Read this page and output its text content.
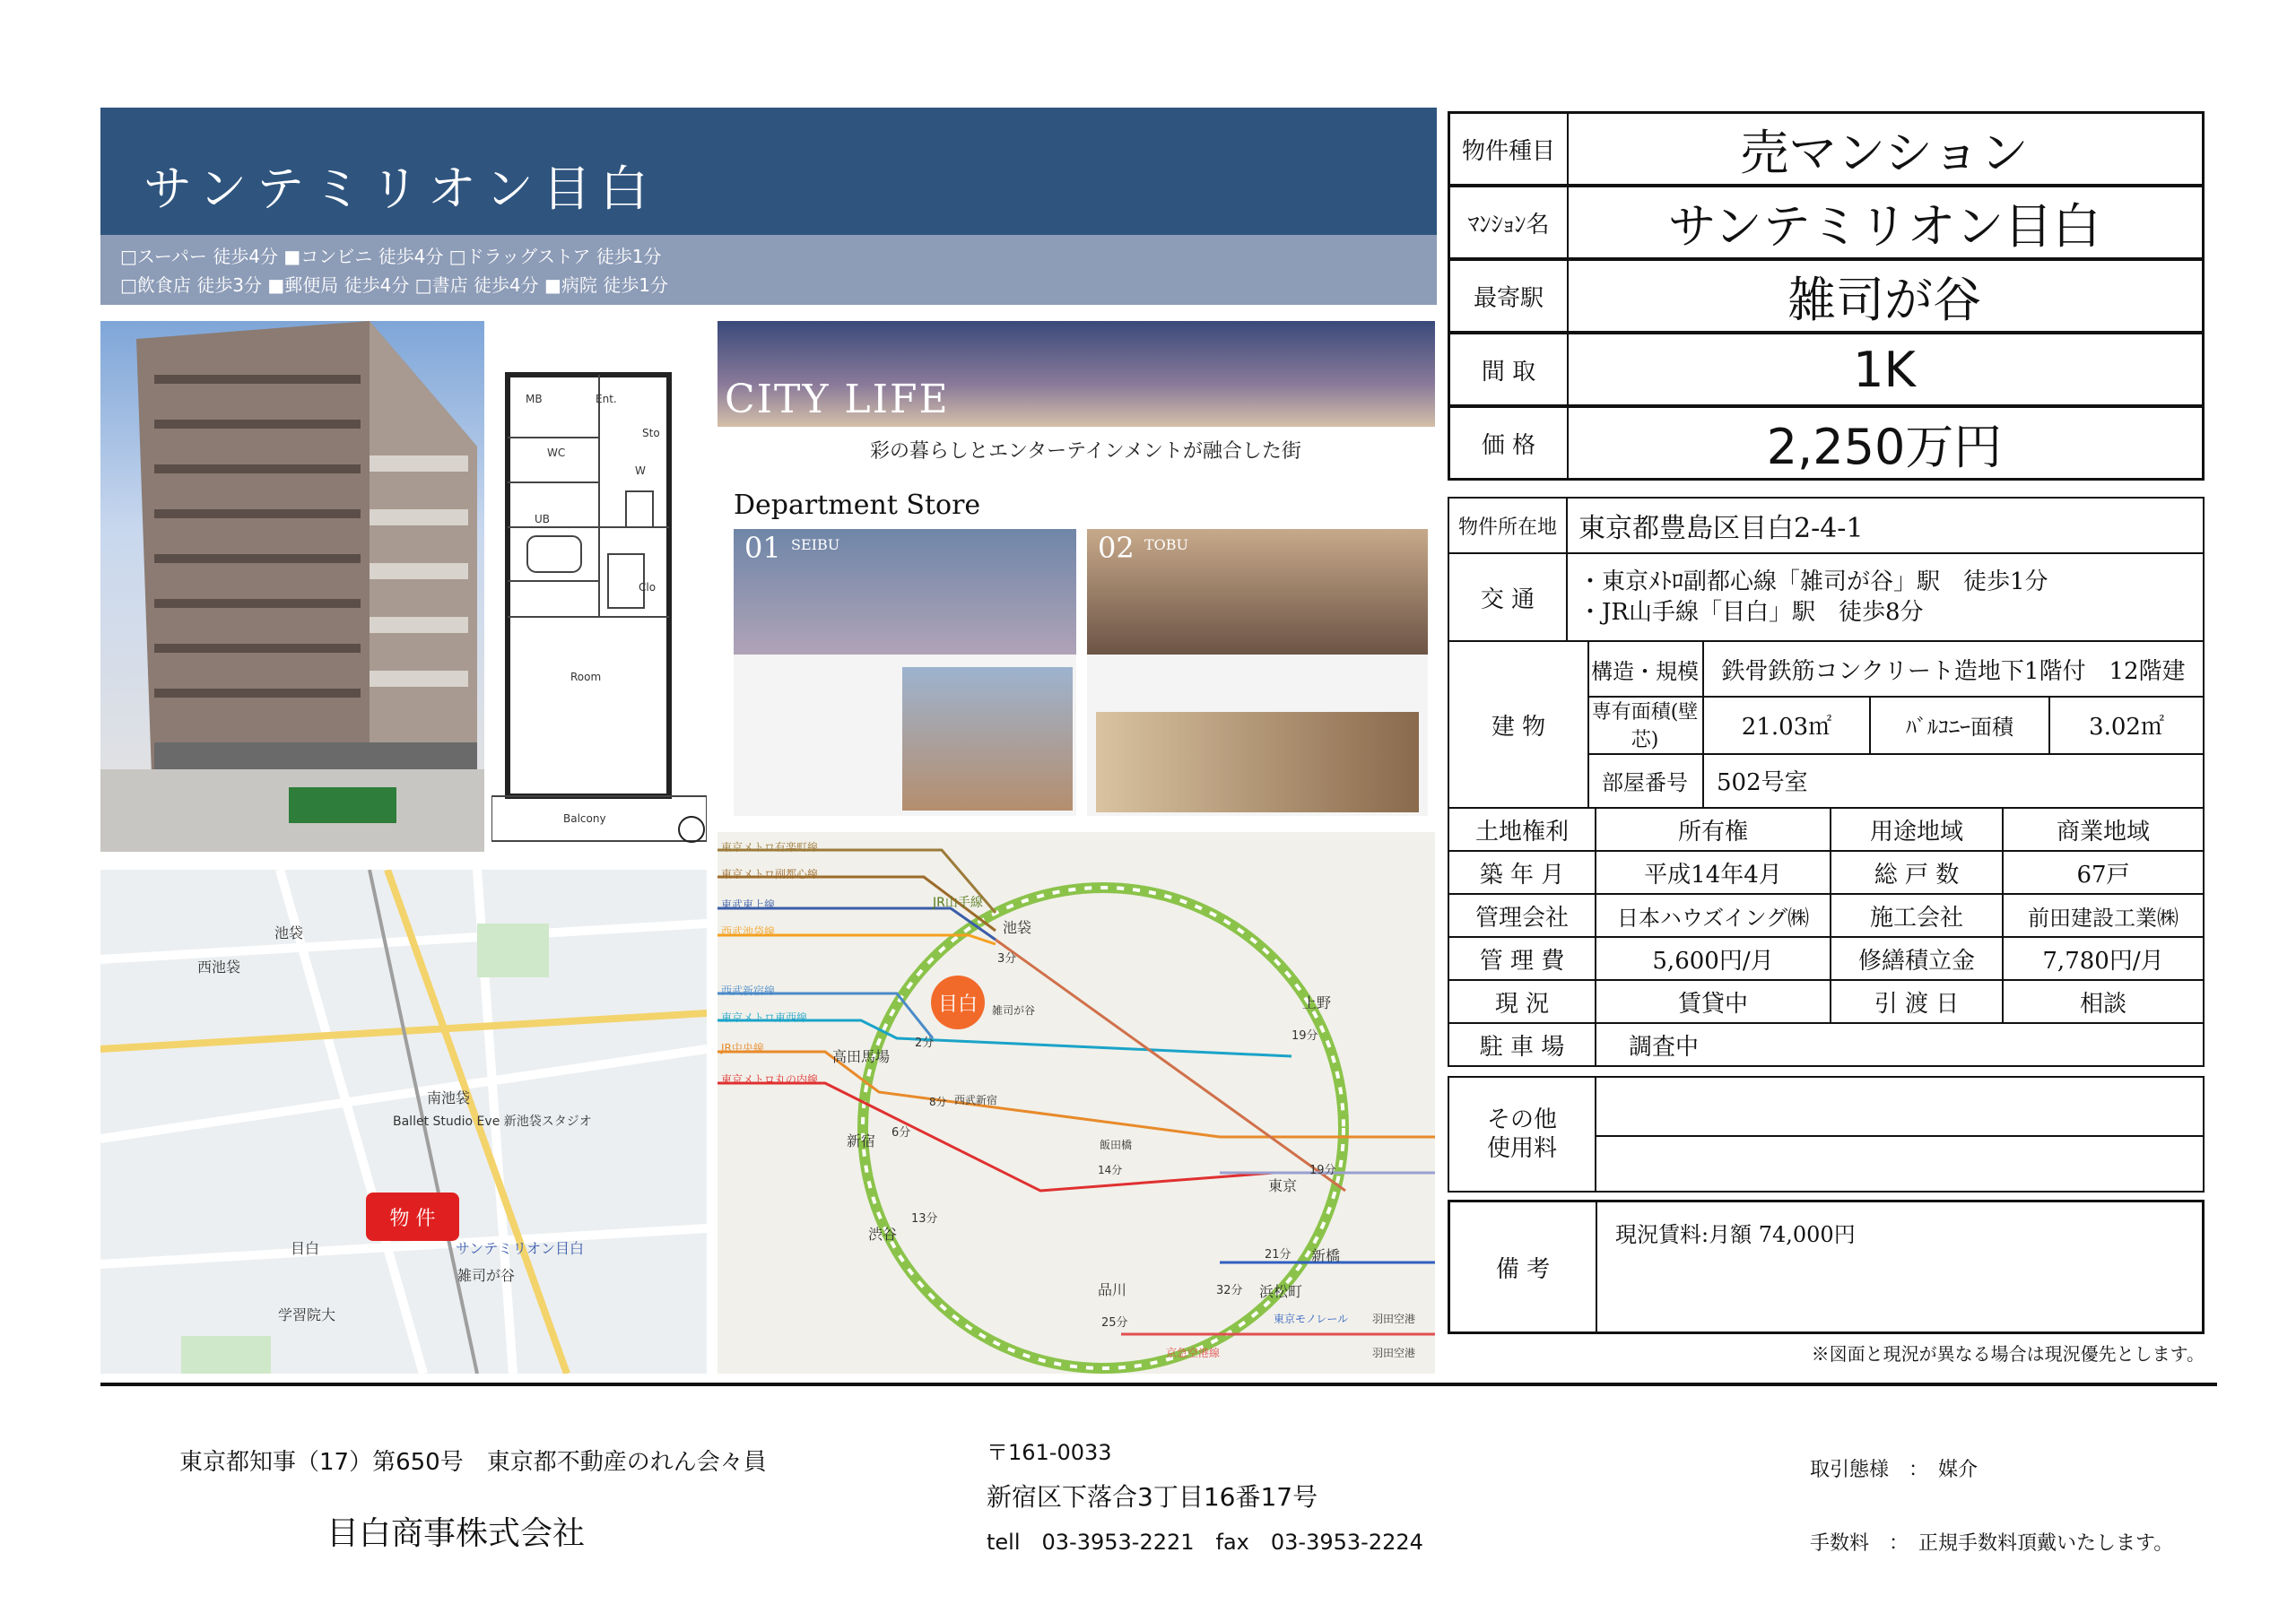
サンテミリオン目白
□スーパー 徒歩4分 ■コンビニ 徒歩4分 □ドラッグストア 徒歩1分
□飲食店 徒歩3分 ■郵便局 徒歩4分 □書店 徒歩4分 ■病院 徒歩1分
MB	Ent.
Sto
WC
W
UB
Clo
Room
Balcony
CITY LIFE
彩の暮らしとエンターテインメントが融合した街
Department Store
01 SEIBU	02 TOBU
池袋
西池袋
南池袋
目白
雑司が谷
学習院大
サンテミリオン目白
Ballet Studio Eve 新池袋スタジオ
物 件
目白
JR山手線
雑司が谷
東京メトロ有楽町線
東京メトロ副都心線
東武東上線
西武池袋線
西武新宿線
東京メトロ東西線
JR中央線
東京メトロ丸の内線
池袋
3分
上野
19分
高田馬場
2分
新宿 6分
西武新宿
8分
飯田橋
14分
東京
19分
渋谷
13分
新橋
21分
浜松町
32分
品川
25分	東京モノレール
京急空港線
羽田空港
羽田空港
物件種目	売マンション
ﾏﾝｼｮﾝ名	サンテミリオン目白
最寄駅	雑司が谷
間 取	1K
価 格	2,250万円
物件所在地 東京都豊島区目白2-4-1
交 通
・東京ﾒﾄﾛ副都心線「雑司が谷」駅　徒歩1分
・JR山手線「目白」駅　徒歩8分
建 物
構造・規模 鉄骨鉄筋コンクリート造地下1階付　12階建
専有面積(壁芯)	21.03㎡	ﾊﾞﾙｺﾆｰ面積	3.02㎡
部屋番号	502号室
土地権利	所有権	用途地域	商業地域
築 年 月	平成14年4月	総 戸 数	67戸
管理会社	日本ハウズイング㈱	施工会社	前田建設工業㈱
管 理 費	5,600円/月	修繕積立金	7,780円/月
現 況	賃貸中	引 渡 日	相談
駐 車 場	調査中
その他
使用料
備 考
現況賃料:月額 74,000円
※図面と現況が異なる場合は現況優先とします。
東京都知事（17）第650号　東京都不動産のれん会々員
目白商事株式会社
〒161-0033
新宿区下落合3丁目16番17号
tell　03-3953-2221　fax　03-3953-2224
取引態様　：　媒介
手数料　：　正規手数料頂戴いたします。
